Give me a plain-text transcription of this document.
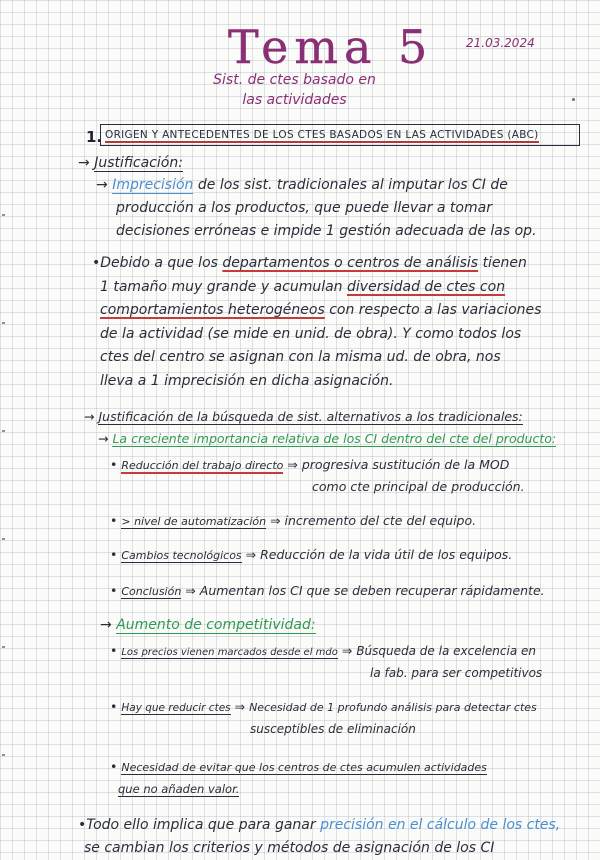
Tema 5	21.03.2024
Sist. de ctes basado en
las actividades
1. ORIGEN Y ANTECEDENTES DE LOS CTES BASADOS EN LAS ACTIVIDADES (ABC)
→ Justificación:
→ Imprecisión de los sist. tradicionales al imputar los CI de
producción a los productos, que puede llevar a tomar
decisiones erróneas e impide 1 gestión adecuada de las op.
•Debido a que los departamentos o centros de análisis tienen
1 tamaño muy grande y acumulan diversidad de ctes con
comportamientos heterogéneos con respecto a las variaciones
de la actividad (se mide en unid. de obra). Y como todos los
ctes del centro se asignan con la misma ud. de obra, nos
lleva a 1 imprecisión en dicha asignación.
→ Justificación de la búsqueda de sist. alternativos a los tradicionales:
→ La creciente importancia relativa de los CI dentro del cte del producto:
• Reducción del trabajo directo ⇒ progresiva sustitución de la MOD
como cte principal de producción.
• > nivel de automatización ⇒ incremento del cte del equipo.
• Cambios tecnológicos ⇒ Reducción de la vida útil de los equipos.
• Conclusión ⇒ Aumentan los CI que se deben recuperar rápidamente.
→ Aumento de competitividad:
• Los precios vienen marcados desde el mdo ⇒ Búsqueda de la excelencia en
la fab. para ser competitivos
• Hay que reducir ctes ⇒ Necesidad de 1 profundo análisis para detectar ctes
susceptibles de eliminación
• Necesidad de evitar que los centros de ctes acumulen actividades
que no añaden valor.
•Todo ello implica que para ganar precisión en el cálculo de los ctes,
se cambian los criterios y métodos de asignación de los CI
